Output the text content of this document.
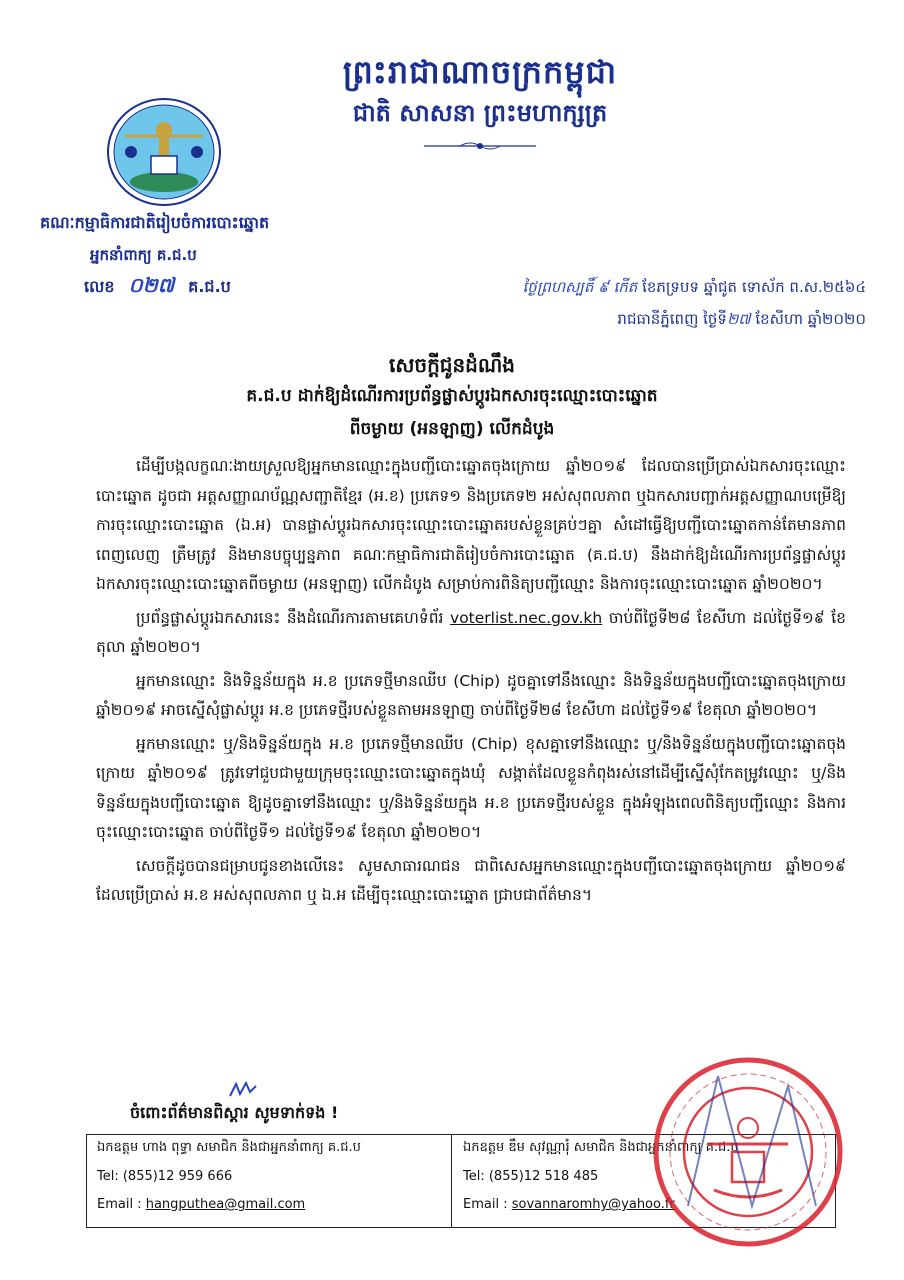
ព្រះរាជាណាចក្រកម្ពុជា
ជាតិ សាសនា ព្រះមហាក្សត្រ
គណៈកម្មាធិការជាតិរៀបចំការបោះឆ្នោត
អ្នកនាំពាក្យ គ.ជ.ប
លេខ ០២៧ គ.ជ.ប	ថ្ងៃព្រហស្បតិ៍ ៩ កើត ខែភទ្របទ ឆ្នាំជូត ទោស័ក ព.ស.២៥៦៤
រាជធានីភ្នំពេញ ថ្ងៃទី២៧ ខែសីហា ឆ្នាំ២០២០
សេចក្តីជូនដំណឹង
គ.ជ.ប ដាក់ឱ្យដំណើរការប្រព័ន្ធផ្លាស់ប្តូរឯកសារចុះឈ្មោះបោះឆ្នោត
ពីចម្ងាយ (អនឡាញ) លើកដំបូង

ដើម្បីបង្កលក្ខណៈងាយស្រួលឱ្យអ្នកមានឈ្មោះក្នុងបញ្ជីបោះឆ្នោតចុងក្រោយ ឆ្នាំ២០១៩ ដែលបានប្រើប្រាស់ឯកសារចុះឈ្មោះបោះឆ្នោត ដូចជា អត្តសញ្ញាណប័ណ្ណសញ្ជាតិខ្មែរ (អ.ខ) ប្រភេទ១ និងប្រភេទ២ អស់សុពលភាព ឬឯកសារបញ្ជាក់អត្តសញ្ញាណបម្រើឱ្យការចុះឈ្មោះបោះឆ្នោត (ឯ.អ) បានផ្លាស់ប្តូរឯកសារចុះឈ្មោះបោះឆ្នោតរបស់ខ្លួនគ្រប់ៗគ្នា សំដៅធ្វើឱ្យបញ្ជីបោះឆ្នោតកាន់តែមានភាពពេញលេញ ត្រឹមត្រូវ និងមានបច្ចុប្បន្នភាព គណៈកម្មាធិការជាតិរៀបចំការបោះឆ្នោត (គ.ជ.ប) នឹងដាក់ឱ្យដំណើរការប្រព័ន្ធផ្លាស់ប្តូរឯកសារចុះឈ្មោះបោះឆ្នោតពីចម្ងាយ (អនឡាញ) លើកដំបូង សម្រាប់ការពិនិត្យបញ្ជីឈ្មោះ និងការចុះឈ្មោះបោះឆ្នោត ឆ្នាំ២០២០។

ប្រព័ន្ធផ្លាស់ប្តូរឯកសារនេះ នឹងដំណើរការតាមគេហទំព័រ voterlist.nec.gov.kh ចាប់ពីថ្ងៃទី២៨ ខែសីហា ដល់ថ្ងៃទី១៩ ខែតុលា ឆ្នាំ២០២០។

អ្នកមានឈ្មោះ និងទិន្នន័យក្នុង អ.ខ ប្រភេទថ្មីមានឈីប (Chip) ដូចគ្នាទៅនឹងឈ្មោះ និងទិន្នន័យក្នុងបញ្ជីបោះឆ្នោតចុងក្រោយ ឆ្នាំ២០១៩ អាចស្នើសុំផ្លាស់ប្តូរ អ.ខ ប្រភេទថ្មីរបស់ខ្លួនតាមអនឡាញ ចាប់ពីថ្ងៃទី២៨ ខែសីហា ដល់ថ្ងៃទី១៩ ខែតុលា ឆ្នាំ២០២០។

អ្នកមានឈ្មោះ ឬ/និងទិន្នន័យក្នុង អ.ខ ប្រភេទថ្មីមានឈីប (Chip) ខុសគ្នាទៅនឹងឈ្មោះ ឬ/និងទិន្នន័យក្នុងបញ្ជីបោះឆ្នោតចុងក្រោយ ឆ្នាំ២០១៩ ត្រូវទៅជួបជាមួយក្រុមចុះឈ្មោះបោះឆ្នោតក្នុងឃុំ សង្កាត់ដែលខ្លួនកំពុងរស់នៅដើម្បីស្នើសុំកែតម្រូវឈ្មោះ ឬ/និងទិន្នន័យក្នុងបញ្ជីបោះឆ្នោត ឱ្យដូចគ្នាទៅនឹងឈ្មោះ ឬ/និងទិន្នន័យក្នុង អ.ខ ប្រភេទថ្មីរបស់ខ្លួន ក្នុងអំឡុងពេលពិនិត្យបញ្ជីឈ្មោះ និងការចុះឈ្មោះបោះឆ្នោត ចាប់ពីថ្ងៃទី១ ដល់ថ្ងៃទី១៩ ខែតុលា ឆ្នាំ២០២០។

សេចក្តីដូចបានជម្រាបជូនខាងលើនេះ សូមសាធារណជន ជាពិសេសអ្នកមានឈ្មោះក្នុងបញ្ជីបោះឆ្នោតចុងក្រោយ ឆ្នាំ២០១៩ ដែលប្រើប្រាស់ អ.ខ អស់សុពលភាព ឬ ឯ.អ ដើម្បីចុះឈ្មោះបោះឆ្នោត ជ្រាបជាព័ត៌មាន។

ចំពោះព័ត៌មានពិស្តារ សូមទាក់ទង !
ឯកឧត្តម ហាង ពុទ្ធា សមាជិក និងជាអ្នកនាំពាក្យ គ.ជ.ប
Tel: (855)12 959 666
Email : hangputhea@gmail.com
ឯកឧត្តម ឌឹម សុវណ្ណារុំ សមាជិក និងជាអ្នកនាំពាក្យ គ.ជ.ប
Tel: (855)12 518 485
Email : sovannaromhy@yahoo.fr
